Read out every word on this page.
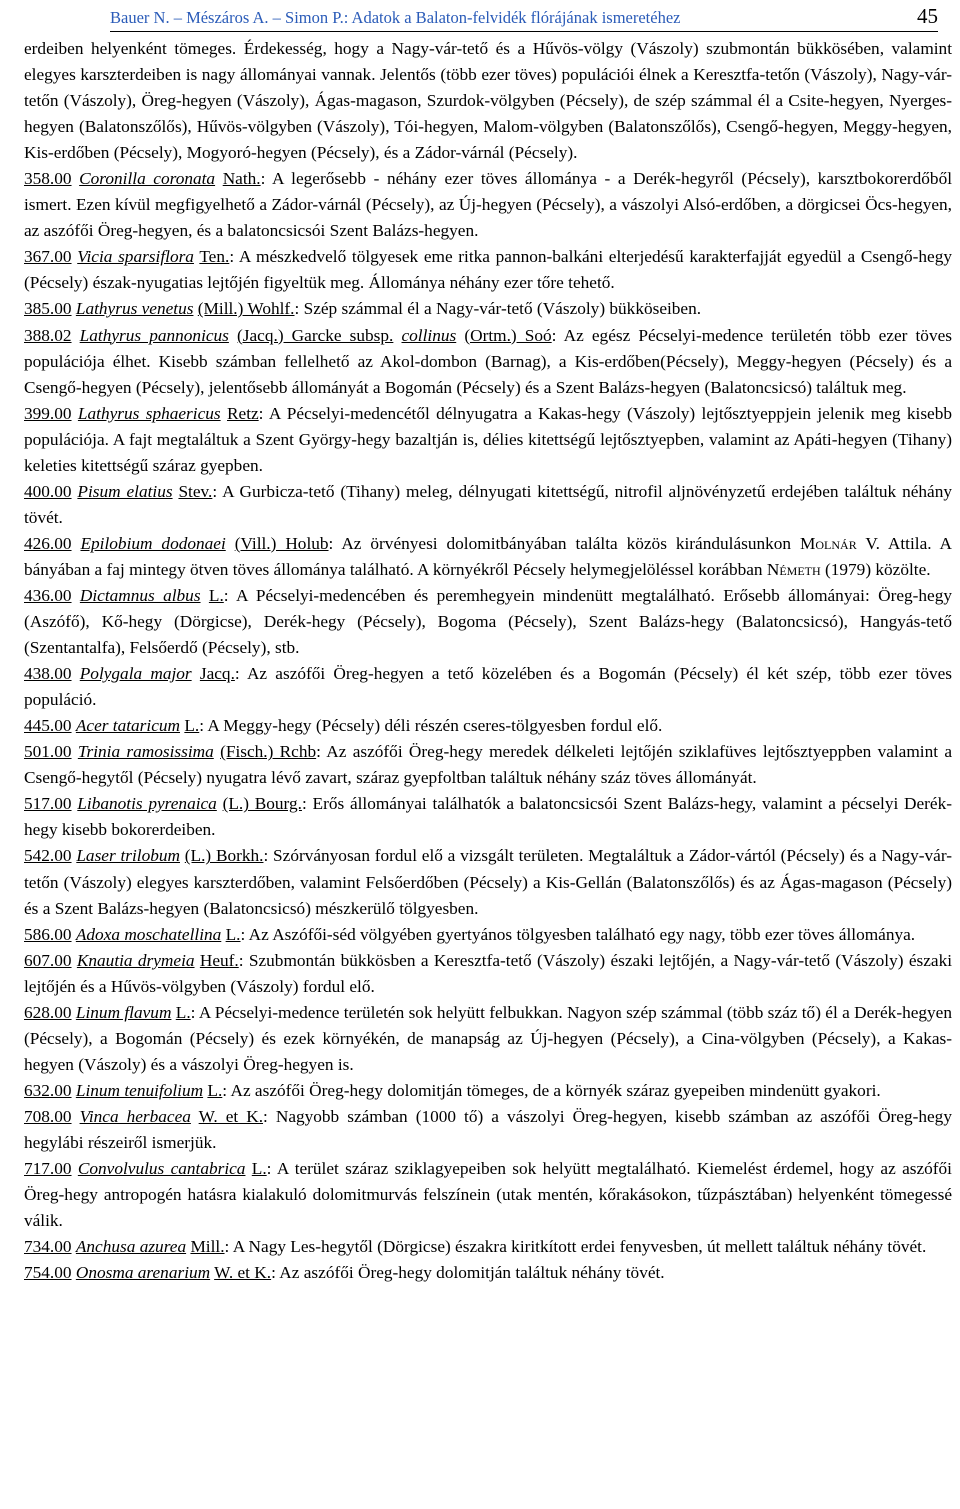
Bauer N. – Mészáros A. – Simon P.: Adatok a Balaton-felvidék flórájának ismeretéhez	45

erdeiben helyenként tömeges. Érdekesség, hogy a Nagy-vár-tető és a Hűvös-völgy (Vászoly) szubmontán bükkösében, valamint elegyes karszterdeiben is nagy állományai vannak. Jelentős (több ezer töves) populációi élnek a Keresztfa-tetőn (Vászoly), Nagy-vár-tetőn (Vászoly), Öreg-hegyen (Vászoly), Ágas-magason, Szurdok-völgyben (Pécsely), de szép számmal él a Csite-hegyen, Nyerges-hegyen (Balatonszőlős), Hűvös-völgyben (Vászoly), Tói-hegyen, Malom-völgyben (Balatonszőlős), Csengő-hegyen, Meggy-hegyen, Kis-erdőben (Pécsely), Mogyoró-hegyen (Pécsely), és a Zádor-várnál (Pécsely).

358.00 Coronilla coronata Nath.: A legerősebb - néhány ezer töves állománya - a Derék-hegyről (Pécsely), karsztbokorerdőből ismert. Ezen kívül megfigyelhető a Zádor-várnál (Pécsely), az Új-hegyen (Pécsely), a vászolyi Alsó-erdőben, a dörgicsei Öcs-hegyen, az aszófői Öreg-hegyen, és a balatoncsicsói Szent Balázs-hegyen.

367.00 Vicia sparsiflora Ten.: A mészkedvelő tölgyesek eme ritka pannon-balkáni elterjedésű karakterfajját egyedül a Csengő-hegy (Pécsely) észak-nyugatias lejtőjén figyeltük meg. Állománya néhány ezer tőre tehető.

385.00 Lathyrus venetus (Mill.) Wohlf.: Szép számmal él a Nagy-vár-tető (Vászoly) bükköseiben.

388.02 Lathyrus pannonicus (Jacq.) Garcke subsp. collinus (Ortm.) Soó: Az egész Pécselyi-medence területén több ezer töves populációja élhet. Kisebb számban fellelhető az Akol-dombon (Barnag), a Kis-erdőben(Pécsely), Meggy-hegyen (Pécsely) és a Csengő-hegyen (Pécsely), jelentősebb állományát a Bogomán (Pécsely) és a Szent Balázs-hegyen (Balatoncsicsó) találtuk meg.

399.00 Lathyrus sphaericus Retz: A Pécselyi-medencétől délnyugatra a Kakas-hegy (Vászoly) lejtősztyeppjein jelenik meg kisebb populációja. A fajt megtaláltuk a Szent György-hegy bazaltján is, délies kitettségű lejtősztyepben, valamint az Apáti-hegyen (Tihany) keleties kitettségű száraz gyepben.

400.00 Pisum elatius Stev.: A Gurbicza-tető (Tihany) meleg, délnyugati kitettségű, nitrofil aljnövényzetű erdejében találtuk néhány tövét.

426.00 Epilobium dodonaei (Vill.) Holub: Az örvényesi dolomitbányában találta közös kirándulásunkon Molnár V. Attila. A bányában a faj mintegy ötven töves állománya található. A környékről Pécsely helymegjelöléssel korábban Németh (1979) közölte.

436.00 Dictamnus albus L.: A Pécselyi-medencében és peremhegyein mindenütt megtalálható. Erősebb állományai: Öreg-hegy (Aszófő), Kő-hegy (Dörgicse), Derék-hegy (Pécsely), Bogoma (Pécsely), Szent Balázs-hegy (Balatoncsicsó), Hangyás-tető (Szentantalfa), Felsőerdő (Pécsely), stb.

438.00 Polygala major Jacq.: Az aszófői Öreg-hegyen a tető közelében és a Bogomán (Pécsely) él két szép, több ezer töves populáció.

445.00 Acer tataricum L.: A Meggy-hegy (Pécsely) déli részén cseres-tölgyesben fordul elő.

501.00 Trinia ramosissima (Fisch.) Rchb: Az aszófői Öreg-hegy meredek délkeleti lejtőjén sziklafüves lejtősztyeppben valamint a Csengő-hegytől (Pécsely) nyugatra lévő zavart, száraz gyepfoltban találtuk néhány száz töves állományát.

517.00 Libanotis pyrenaica (L.) Bourg.: Erős állományai találhatók a balatoncsicsói Szent Balázs-hegy, valamint a pécselyi Derék-hegy kisebb bokorerdeiben.

542.00 Laser trilobum (L.) Borkh.: Szórványosan fordul elő a vizsgált területen. Megtaláltuk a Zádor-vártól (Pécsely) és a Nagy-vár-tetőn (Vászoly) elegyes karszterdőben, valamint Felsőerdőben (Pécsely) a Kis-Gellán (Balatonszőlős) és az Ágas-magason (Pécsely) és a Szent Balázs-hegyen (Balatoncsicsó) mészkerülő tölgyesben.

586.00 Adoxa moschatellina L.: Az Aszófői-séd völgyében gyertyános tölgyesben található egy nagy, több ezer töves állománya.

607.00 Knautia drymeia Heuf.: Szubmontán bükkösben a Keresztfa-tető (Vászoly) északi lejtőjén, a Nagy-vár-tető (Vászoly) északi lejtőjén és a Hűvös-völgyben (Vászoly) fordul elő.

628.00 Linum flavum L.: A Pécselyi-medence területén sok helyütt felbukkan. Nagyon szép számmal (több száz tő) él a Derék-hegyen (Pécsely), a Bogomán (Pécsely) és ezek környékén, de manapság az Új-hegyen (Pécsely), a Cina-völgyben (Pécsely), a Kakas-hegyen (Vászoly) és a vászolyi Öreg-hegyen is.

632.00 Linum tenuifolium L.: Az aszófői Öreg-hegy dolomitján tömeges, de a környék száraz gyepeiben mindenütt gyakori.

708.00 Vinca herbacea W. et K.: Nagyobb számban (1000 tő) a vászolyi Öreg-hegyen, kisebb számban az aszófői Öreg-hegy hegylábi részeiről ismerjük.

717.00 Convolvulus cantabrica L.: A terület száraz sziklagyepeiben sok helyütt megtalálható. Kiemelést érdemel, hogy az aszófői Öreg-hegy antropogén hatásra kialakuló dolomitmurvás felszínein (utak mentén, kőrakásokon, tűzpásztában) helyenként tömegessé válik.

734.00 Anchusa azurea Mill.: A Nagy Les-hegytől (Dörgicse) északra kiritkított erdei fenyvesben, út mellett találtuk néhány tövét.

754.00 Onosma arenarium W. et K.: Az aszófői Öreg-hegy dolomitján találtuk néhány tövét.
